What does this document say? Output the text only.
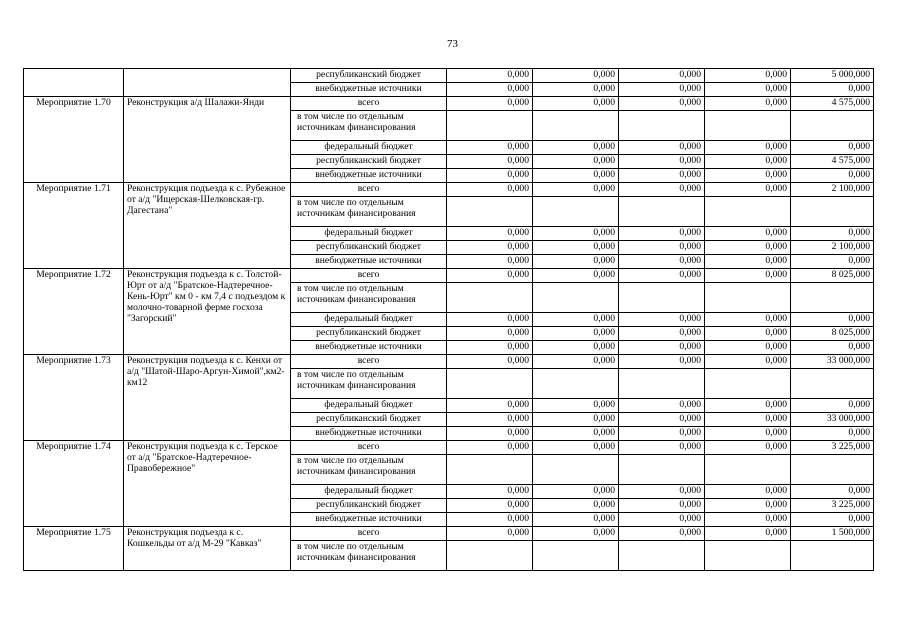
73
		республиканский бюджет	0,000	0,000	0,000	0,000	5 000,000
		внебюджетные источники	0,000	0,000	0,000	0,000	0,000
Мероприятие 1.70	Реконструкция а/д Шалажи-Янди	всего	0,000	0,000	0,000	0,000	4 575,000
		в том числе по отдельным источникам финансирования					
		федеральный бюджет	0,000	0,000	0,000	0,000	0,000
		республиканский бюджет	0,000	0,000	0,000	0,000	4 575,000
		внебюджетные источники	0,000	0,000	0,000	0,000	0,000
Мероприятие 1.71	Реконструкция подъезда к с. Рубежное от а/д "Ищерская-Шелковская-гр. Дагестана"	всего	0,000	0,000	0,000	0,000	2 100,000
		в том числе по отдельным источникам финансирования					
		федеральный бюджет	0,000	0,000	0,000	0,000	0,000
		республиканский бюджет	0,000	0,000	0,000	0,000	2 100,000
		внебюджетные источники	0,000	0,000	0,000	0,000	0,000
Мероприятие 1.72	Реконструкция подъезда к с. Толстой-Юрт от а/д "Братское-Надтеречное-Кень-Юрт" км 0 - км 7,4 с подъездом к молочно-товарной ферме госхоза "Загорский"	всего	0,000	0,000	0,000	0,000	8 025,000
		в том числе по отдельным источникам финансирования					
		федеральный бюджет	0,000	0,000	0,000	0,000	0,000
		республиканский бюджет	0,000	0,000	0,000	0,000	8 025,000
		внебюджетные источники	0,000	0,000	0,000	0,000	0,000
Мероприятие 1.73	Реконструкция подъезда к с. Кенхи от а/д "Шатой-Шаро-Аргун-Химой",км2-км12	всего	0,000	0,000	0,000	0,000	33 000,000
		в том числе по отдельным источникам финансирования					
		федеральный бюджет	0,000	0,000	0,000	0,000	0,000
		республиканский бюджет	0,000	0,000	0,000	0,000	33 000,000
		внебюджетные источники	0,000	0,000	0,000	0,000	0,000
Мероприятие 1.74	Реконструкция подъезда к с. Терское от а/д "Братское-Надтеречное-Правобережное"	всего	0,000	0,000	0,000	0,000	3 225,000
		в том числе по отдельным источникам финансирования					
		федеральный бюджет	0,000	0,000	0,000	0,000	0,000
		республиканский бюджет	0,000	0,000	0,000	0,000	3 225,000
		внебюджетные источники	0,000	0,000	0,000	0,000	0,000
Мероприятие 1.75	Реконструкция подъезда к с. Кошкельды от а/д М-29 "Кавказ"	всего	0,000	0,000	0,000	0,000	1 500,000
		в том числе по отдельным источникам финансирования					
